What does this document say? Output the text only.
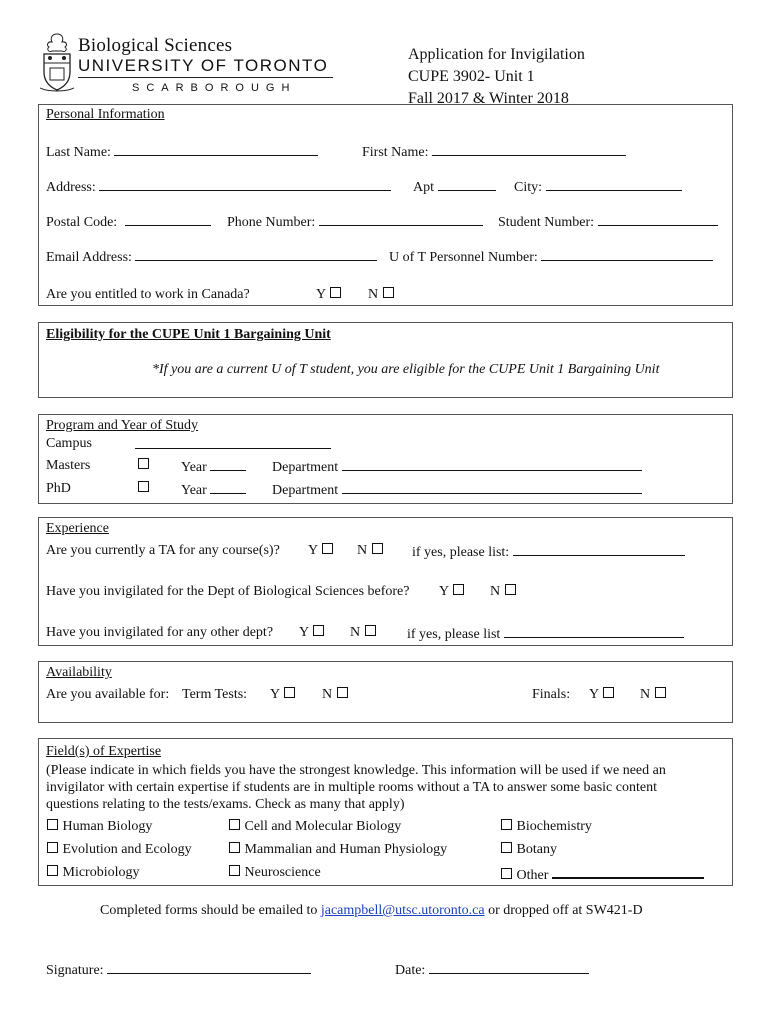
Biological Sciences
UNIVERSITY OF TORONTO
SCARBOROUGH
Application for Invigilation
CUPE 3902- Unit 1
Fall 2017 & Winter 2018
Personal Information
Last Name:	First Name:
Address:	Apt	City:
Postal Code:	Phone Number:	Student Number:
Email Address:	U of T Personnel Number:
Are you entitled to work in Canada?	Y	N
Eligibility for the CUPE Unit 1 Bargaining Unit
*If you are a current U of T student, you are eligible for the CUPE Unit 1 Bargaining Unit
Program and Year of Study
Campus
Masters	Year	Department
PhD	Year	Department
Experience
Are you currently a TA for any course(s)? Y	N	if yes, please list:
Have you invigilated for the Dept of Biological Sciences before? Y	N
Have you invigilated for any other dept? Y	N	if yes, please list
Availability
Are you available for: Term Tests: Y	N	Finals: Y	N
Field(s) of Expertise
(Please indicate in which fields you have the strongest knowledge. This information will be used if we need an invigilator with certain expertise if students are in multiple rooms without a TA to answer some basic content questions relating to the tests/exams. Check as many that apply)
Human Biology	Cell and Molecular Biology	Biochemistry
Evolution and Ecology	Mammalian and Human Physiology	Botany
Microbiology	Neuroscience	Other
Completed forms should be emailed to jacampbell@utsc.utoronto.ca or dropped off at SW421-D
Signature:	Date:
